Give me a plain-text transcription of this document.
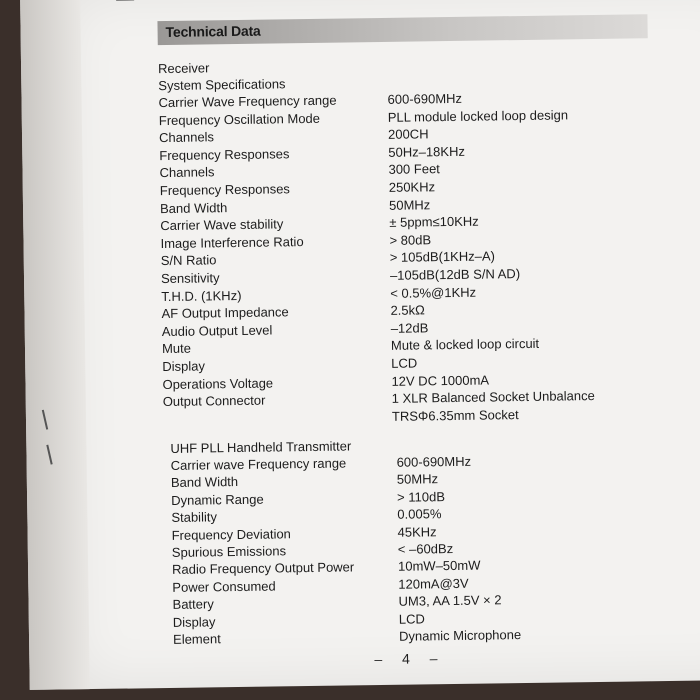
Technical Data
Receiver
System Specifications
Carrier Wave Frequency range	600-690MHz
Frequency Oscillation Mode	PLL module locked loop design
Channels	200CH
Frequency Responses	50Hz–18KHz
Channels	300 Feet
Frequency Responses	250KHz
Band Width	50MHz
Carrier Wave stability	± 5ppm≤10KHz
Image Interference Ratio	> 80dB
S/N Ratio	> 105dB(1KHz–A)
Sensitivity	–105dB(12dB S/N AD)
T.H.D. (1KHz)	< 0.5%@1KHz
AF Output Impedance	2.5kΩ
Audio Output Level	–12dB
Mute	Mute & locked loop circuit
Display	LCD
Operations Voltage	12V DC 1000mA
Output Connector	1 XLR Balanced Socket Unbalance
TRSΦ6.35mm Socket
UHF PLL Handheld Transmitter
Carrier wave Frequency range	600-690MHz
Band Width	50MHz
Dynamic Range	> 110dB
Stability	0.005%
Frequency Deviation	45KHz
Spurious Emissions	< –60dBz
Radio Frequency Output Power	10mW–50mW
Power Consumed	120mA@3V
Battery	UM3, AA 1.5V × 2
Display	LCD
Element	Dynamic Microphone
– 4 –
